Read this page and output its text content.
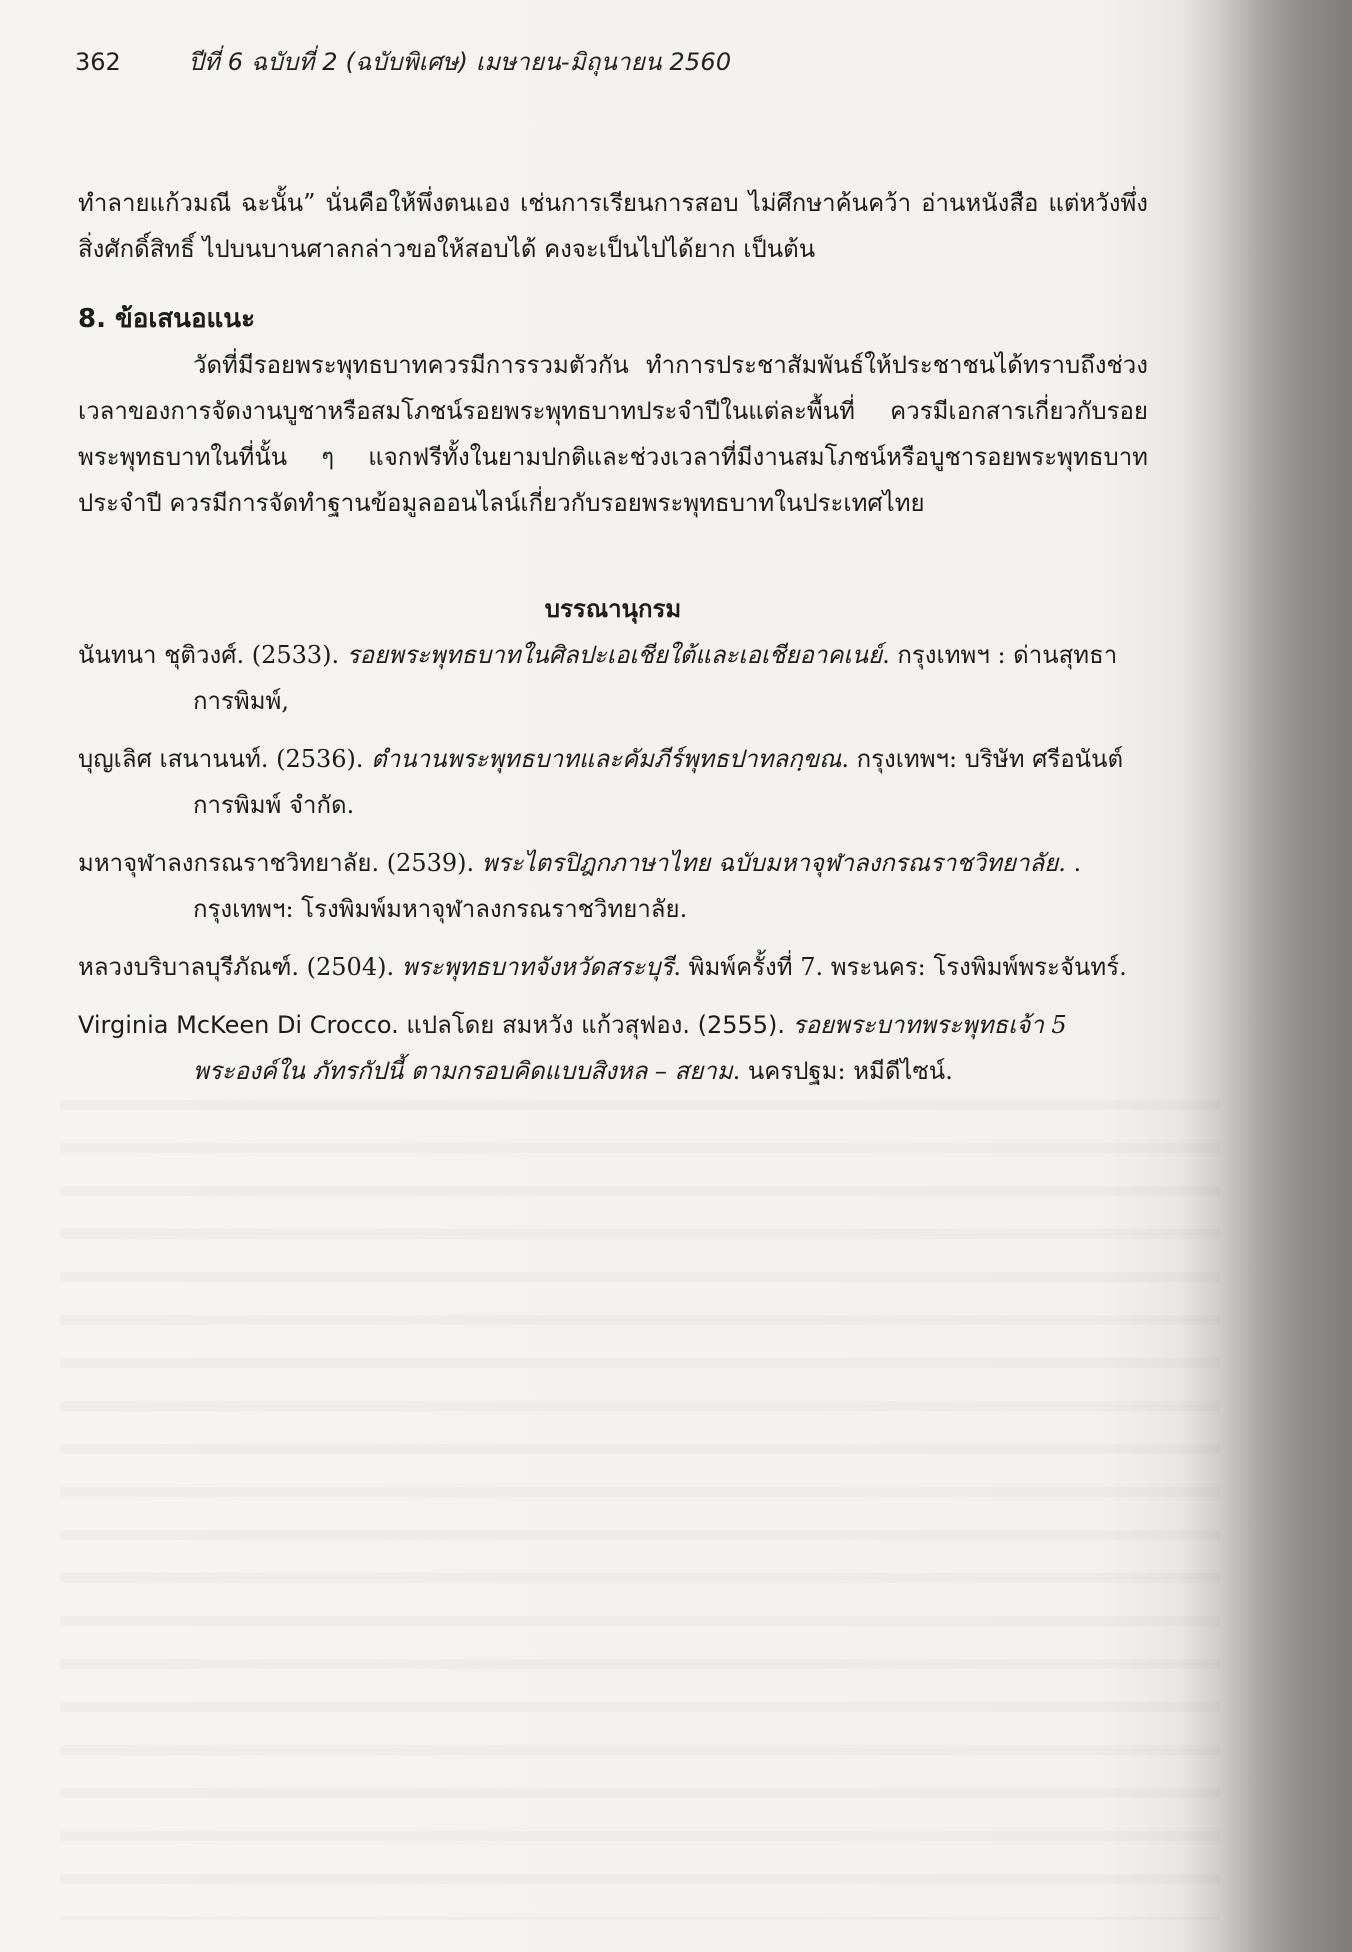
362	ปีที่ 6 ฉบับที่ 2 (ฉบับพิเศษ) เมษายน-มิถุนายน 2560

ทำลายแก้วมณี ฉะนั้น” นั่นคือให้พึ่งตนเอง เช่นการเรียนการสอบ ไม่ศึกษาค้นคว้า อ่านหนังสือ แต่หวังพึ่งสิ่งศักดิ์สิทธิ์ ไปบนบานศาลกล่าวขอให้สอบได้ คงจะเป็นไปได้ยาก เป็นต้น

8. ข้อเสนอแนะ

วัดที่มีรอยพระพุทธบาทควรมีการรวมตัวกัน ทำการประชาสัมพันธ์ให้ประชาชนได้ทราบถึงช่วงเวลาของการจัดงานบูชาหรือสมโภชน์รอยพระพุทธบาทประจำปีในแต่ละพื้นที่ ควรมีเอกสารเกี่ยวกับรอยพระพุทธบาทในที่นั้น ๆ แจกฟรีทั้งในยามปกติและช่วงเวลาที่มีงานสมโภชน์หรือบูชารอยพระพุทธบาทประจำปี ควรมีการจัดทำฐานข้อมูลออนไลน์เกี่ยวกับรอยพระพุทธบาทในประเทศไทย

บรรณานุกรม

นันทนา ชุติวงศ์. (2533). รอยพระพุทธบาทในศิลปะเอเชียใต้และเอเชียอาคเนย์. กรุงเทพฯ : ด่านสุทธาการพิมพ์,

บุญเลิศ เสนานนท์. (2536). ตำนานพระพุทธบาทและคัมภีร์พุทธปาทลกฺขณ. กรุงเทพฯ: บริษัท ศรีอนันต์การพิมพ์ จำกัด.

มหาจุฬาลงกรณราชวิทยาลัย. (2539). พระไตรปิฎกภาษาไทย ฉบับมหาจุฬาลงกรณราชวิทยาลัย. . กรุงเทพฯ: โรงพิมพ์มหาจุฬาลงกรณราชวิทยาลัย.

หลวงบริบาลบุรีภัณฑ์. (2504). พระพุทธบาทจังหวัดสระบุรี. พิมพ์ครั้งที่ 7. พระนคร: โรงพิมพ์พระจันทร์.

Virginia McKeen Di Crocco. แปลโดย สมหวัง แก้วสุฟอง. (2555). รอยพระบาทพระพุทธเจ้า 5 พระองค์ใน ภัทรกัปนี้ ตามกรอบคิดแบบสิงหล – สยาม. นครปฐม: หมีดีไซน์.
